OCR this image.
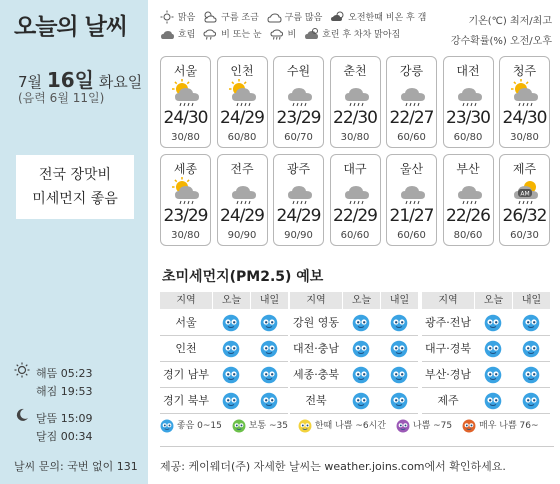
오늘의 날씨
7월 16일 화요일
(음력 6월 11일)
전국 장맛비
미세먼지 좋음
해뜸 05:23
해짐 19:53
달뜸 15:09
달짐 00:34
날씨 문의: 국번 없이 131
맑음	구름 조금	구름 많음	오전한때 비온 후 갬 흐림	비 또는 눈	비	흐린 후 차차 맑아짐
기온(℃) 최저/최고
강수확률(%) 오전/오후
서울
24/30
30/80
인천
24/29
60/80
수원
23/29
60/70
춘천
22/30
30/80
강릉
22/27
60/60
대전
23/30
60/80
청주
24/30
30/80
세종
23/29
30/80
전주
24/29
90/90
광주
24/29
90/90
대구
22/29
60/60
울산
21/27
60/60
부산
22/26
80/60
제주
AM
26/32
60/30
초미세먼지(PM2.5) 예보
지역	오늘	내일
서울
인천
경기 남부
경기 북부
지역	오늘	내일
강원 영동
대전·충남
세종·충북
전북
지역	오늘	내일
광주·전남
대구·경북
부산·경남
제주
좋음 0~15	보통 ~35	한때 나쁨 ~6시간	나쁨 ~75	매우 나쁨 76~
제공: 케이웨더(주) 자세한 날씨는 weather.joins.com에서 확인하세요.
